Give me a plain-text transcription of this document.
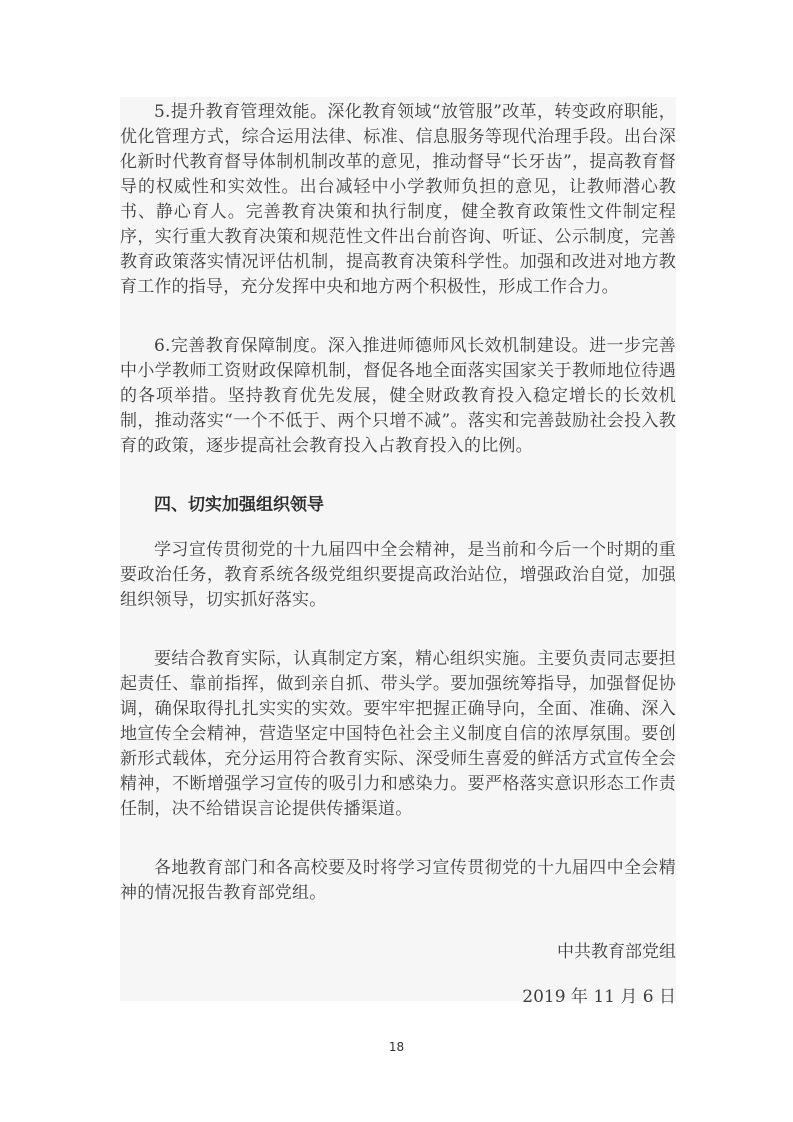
5.提升教育管理效能。深化教育领域“放管服”改革，转变政府职能，优化管理方式，综合运用法律、标准、信息服务等现代治理手段。出台深化新时代教育督导体制机制改革的意见，推动督导“长牙齿”，提高教育督导的权威性和实效性。出台减轻中小学教师负担的意见，让教师潜心教书、静心育人。完善教育决策和执行制度，健全教育政策性文件制定程序，实行重大教育决策和规范性文件出台前咨询、听证、公示制度，完善教育政策落实情况评估机制，提高教育决策科学性。加强和改进对地方教育工作的指导，充分发挥中央和地方两个积极性，形成工作合力。

6.完善教育保障制度。深入推进师德师风长效机制建设。进一步完善中小学教师工资财政保障机制，督促各地全面落实国家关于教师地位待遇的各项举措。坚持教育优先发展，健全财政教育投入稳定增长的长效机制，推动落实“一个不低于、两个只增不减”。落实和完善鼓励社会投入教育的政策，逐步提高社会教育投入占教育投入的比例。

四、切实加强组织领导

学习宣传贯彻党的十九届四中全会精神，是当前和今后一个时期的重要政治任务，教育系统各级党组织要提高政治站位，增强政治自觉，加强组织领导，切实抓好落实。

要结合教育实际，认真制定方案，精心组织实施。主要负责同志要担起责任、靠前指挥，做到亲自抓、带头学。要加强统筹指导，加强督促协调，确保取得扎扎实实的实效。要牢牢把握正确导向，全面、准确、深入地宣传全会精神，营造坚定中国特色社会主义制度自信的浓厚氛围。要创新形式载体，充分运用符合教育实际、深受师生喜爱的鲜活方式宣传全会精神，不断增强学习宣传的吸引力和感染力。要严格落实意识形态工作责任制，决不给错误言论提供传播渠道。

各地教育部门和各高校要及时将学习宣传贯彻党的十九届四中全会精神的情况报告教育部党组。

中共教育部党组

2019 年 11 月 6 日

18
